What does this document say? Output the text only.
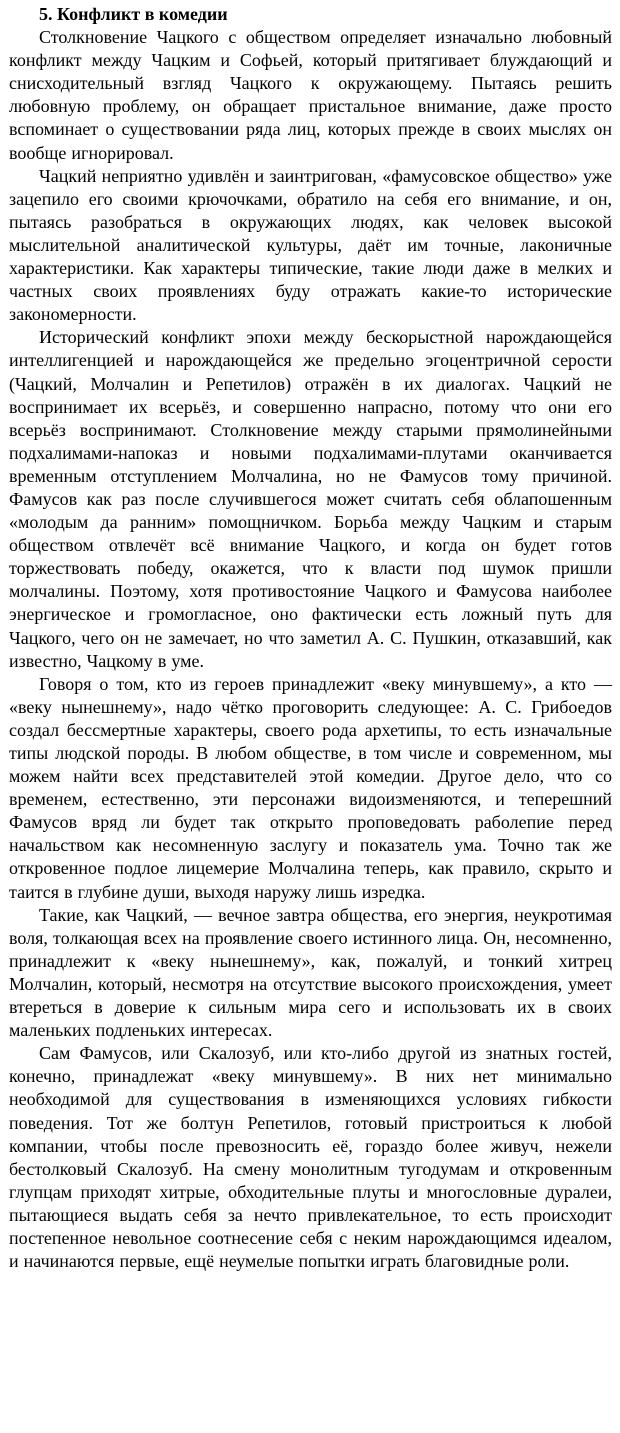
5. Конфликт в комедии

Столкновение Чацкого с обществом определяет изначально любовный конфликт между Чацким и Софьей, который притягивает блуждающий и снисходительный взгляд Чацкого к окружающему. Пытаясь решить любовную проблему, он обращает пристальное внимание, даже просто вспоминает о существовании ряда лиц, которых прежде в своих мыслях он вообще игнорировал.

Чацкий неприятно удивлён и заинтригован, «фамусовское общество» уже зацепило его своими крючочками, обратило на себя его внимание, и он, пытаясь разобраться в окружающих людях, как человек высокой мыслительной аналитической культуры, даёт им точные, лаконичные характеристики. Как характеры типические, такие люди даже в мелких и частных своих проявлениях буду отражать какие-то исторические закономерности.

Исторический конфликт эпохи между бескорыстной нарождающейся интеллигенцией и нарождающейся же предельно эгоцентричной серости (Чацкий, Молчалин и Репетилов) отражён в их диалогах. Чацкий не воспринимает их всерьёз, и совершенно напрасно, потому что они его всерьёз воспринимают. Столкновение между старыми прямолинейными подхалимами-напоказ и новыми подхалимами-плутами оканчивается временным отступлением Молчалина, но не Фамусов тому причиной. Фамусов как раз после случившегося может считать себя облапошенным «молодым да ранним» помощничком. Борьба между Чацким и старым обществом отвлечёт всё внимание Чацкого, и когда он будет готов торжествовать победу, окажется, что к власти под шумок пришли молчалины. Поэтому, хотя противостояние Чацкого и Фамусова наиболее энергическое и громогласное, оно фактически есть ложный путь для Чацкого, чего он не замечает, но что заметил А. С. Пушкин, отказавший, как известно, Чацкому в уме.

Говоря о том, кто из героев принадлежит «веку минувшему», а кто — «веку нынешнему», надо чётко проговорить следующее: А. С. Грибоедов создал бессмертные характеры, своего рода архетипы, то есть изначальные типы людской породы. В любом обществе, в том числе и современном, мы можем найти всех представителей этой комедии. Другое дело, что со временем, естественно, эти персонажи видоизменяются, и теперешний Фамусов вряд ли будет так открыто проповедовать раболепие перед начальством как несомненную заслугу и показатель ума. Точно так же откровенное подлое лицемерие Молчалина теперь, как правило, скрыто и таится в глубине души, выходя наружу лишь изредка.

Такие, как Чацкий, — вечное завтра общества, его энергия, неукротимая воля, толкающая всех на проявление своего истинного лица. Он, несомненно, принадлежит к «веку нынешнему», как, пожалуй, и тонкий хитрец Молчалин, который, несмотря на отсутствие высокого происхождения, умеет втереться в доверие к сильным мира сего и использовать их в своих маленьких подленьких интересах.

Сам Фамусов, или Скалозуб, или кто-либо другой из знатных гостей, конечно, принадлежат «веку минувшему». В них нет минимально необходимой для существования в изменяющихся условиях гибкости поведения. Тот же болтун Репетилов, готовый пристроиться к любой компании, чтобы после превозносить её, гораздо более живуч, нежели бестолковый Скалозуб. На смену монолитным тугодумам и откровенным глупцам приходят хитрые, обходительные плуты и многословные дуралеи, пытающиеся выдать себя за нечто привлекательное, то есть происходит постепенное невольное соотнесение себя с неким нарождающимся идеалом, и начинаются первые, ещё неумелые попытки играть благовидные роли.
